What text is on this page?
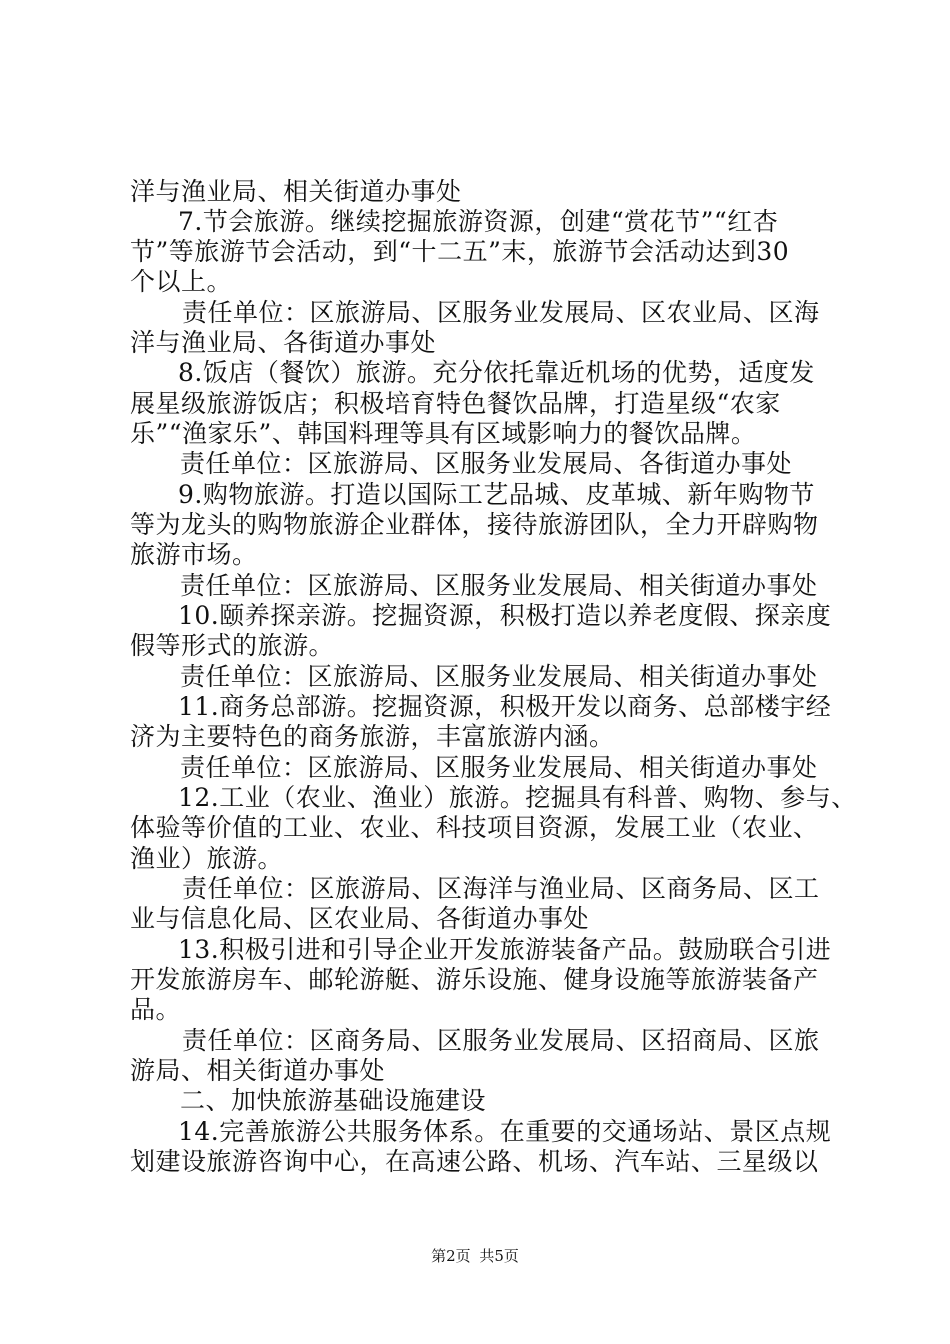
洋与渔业局、相关街道办事处
7.节会旅游。继续挖掘旅游资源，创建“赏花节”“红杏
节”等旅游节会活动，到“十二五”末，旅游节会活动达到30
个以上。
责任单位：区旅游局、区服务业发展局、区农业局、区海
洋与渔业局、各街道办事处
8.饭店（餐饮）旅游。充分依托靠近机场的优势，适度发
展星级旅游饭店；积极培育特色餐饮品牌，打造星级“农家
乐”“渔家乐”、韩国料理等具有区域影响力的餐饮品牌。
责任单位：区旅游局、区服务业发展局、各街道办事处
9.购物旅游。打造以国际工艺品城、皮革城、新年购物节
等为龙头的购物旅游企业群体，接待旅游团队，全力开辟购物
旅游市场。
责任单位：区旅游局、区服务业发展局、相关街道办事处
10.颐养探亲游。挖掘资源，积极打造以养老度假、探亲度
假等形式的旅游。
责任单位：区旅游局、区服务业发展局、相关街道办事处
11.商务总部游。挖掘资源，积极开发以商务、总部楼宇经
济为主要特色的商务旅游，丰富旅游内涵。
责任单位：区旅游局、区服务业发展局、相关街道办事处
12.工业（农业、渔业）旅游。挖掘具有科普、购物、参与、
体验等价值的工业、农业、科技项目资源，发展工业（农业、
渔业）旅游。
责任单位：区旅游局、区海洋与渔业局、区商务局、区工
业与信息化局、区农业局、各街道办事处
13.积极引进和引导企业开发旅游装备产品。鼓励联合引进
开发旅游房车、邮轮游艇、游乐设施、健身设施等旅游装备产
品。
责任单位：区商务局、区服务业发展局、区招商局、区旅
游局、相关街道办事处
二、加快旅游基础设施建设
14.完善旅游公共服务体系。在重要的交通场站、景区点规
划建设旅游咨询中心，在高速公路、机场、汽车站、三星级以
第2页 共5页
